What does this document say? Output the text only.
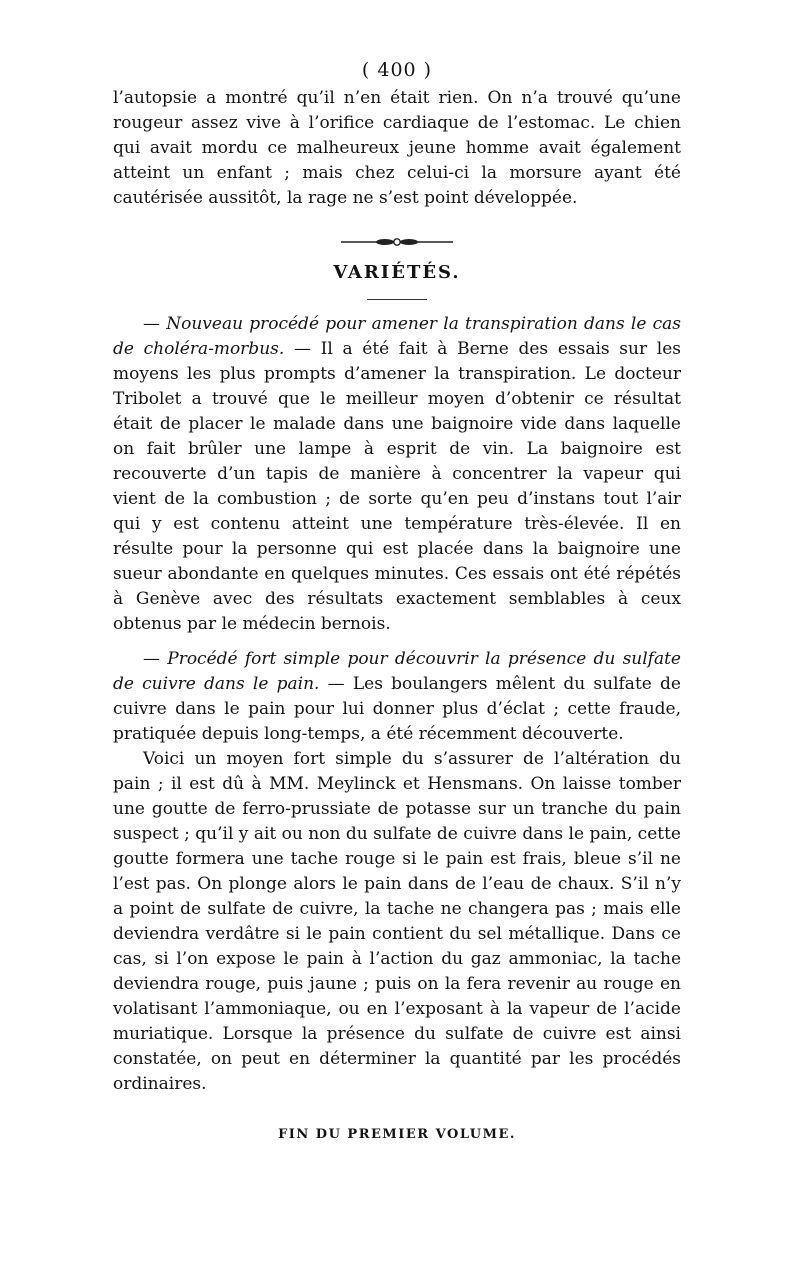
( 400 )

l’autopsie a montré qu’il n’en était rien. On n’a trouvé qu’une rougeur assez vive à l’orifice cardiaque de l’estomac. Le chien qui avait mordu ce malheureux jeune homme avait également atteint un enfant ; mais chez celui-ci la morsure ayant été cautérisée aussitôt, la rage ne s’est point développée.

VARIÉTÉS.

— Nouveau procédé pour amener la transpiration dans le cas de choléra-morbus. — Il a été fait à Berne des essais sur les moyens les plus prompts d’amener la transpiration. Le docteur Tribolet a trouvé que le meilleur moyen d’obtenir ce résultat était de placer le malade dans une baignoire vide dans laquelle on fait brûler une lampe à esprit de vin. La baignoire est recouverte d’un tapis de manière à concentrer la vapeur qui vient de la combustion ; de sorte qu’en peu d’instans tout l’air qui y est contenu atteint une température très-élevée. Il en résulte pour la personne qui est placée dans la baignoire une sueur abondante en quelques minutes. Ces essais ont été répétés à Genève avec des résultats exactement semblables à ceux obtenus par le médecin bernois.

— Procédé fort simple pour découvrir la présence du sulfate de cuivre dans le pain. — Les boulangers mêlent du sulfate de cuivre dans le pain pour lui donner plus d’éclat ; cette fraude, pratiquée depuis long-temps, a été récemment découverte.

Voici un moyen fort simple du s’assurer de l’altération du pain ; il est dû à MM. Meylinck et Hensmans. On laisse tomber une goutte de ferro-prussiate de potasse sur un tranche du pain suspect ; qu’il y ait ou non du sulfate de cuivre dans le pain, cette goutte formera une tache rouge si le pain est frais, bleue s’il ne l’est pas. On plonge alors le pain dans de l’eau de chaux. S’il n’y a point de sulfate de cuivre, la tache ne changera pas ; mais elle deviendra verdâtre si le pain contient du sel métallique. Dans ce cas, si l’on expose le pain à l’action du gaz ammoniac, la tache deviendra rouge, puis jaune ; puis on la fera revenir au rouge en volatisant l’ammoniaque, ou en l’exposant à la vapeur de l’acide muriatique. Lorsque la présence du sulfate de cuivre est ainsi constatée, on peut en déterminer la quantité par les procédés ordinaires.

FIN DU PREMIER VOLUME.
